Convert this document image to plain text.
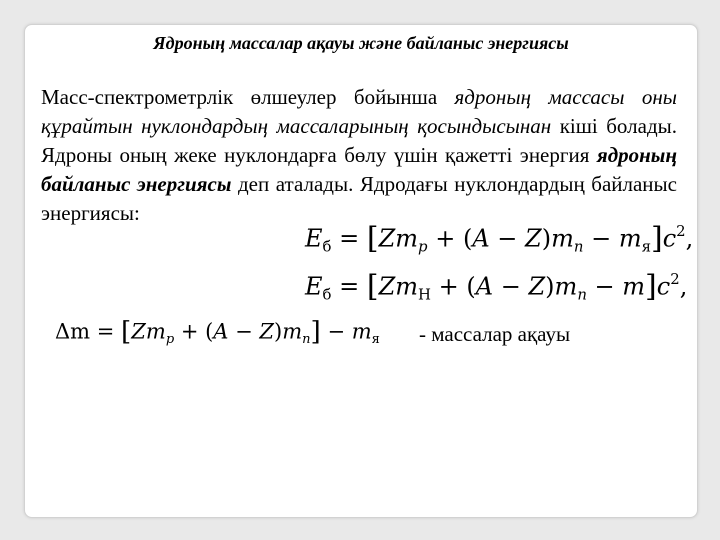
Ядроның массалар ақауы және байланыс энергиясы
Масс-спектрометрлік өлшеулер бойынша ядроның массасы оны құрайтын нуклондардың массаларының қосындысынан кіші болады. Ядроны оның жеке нуклондарға бөлу үшін қажетті энергия ядроның байланыс энергиясы деп аталады. Ядродағы нуклондардың байланыс энергиясы:
$E_б = [Zm_p + (A - Z)m_n - m_я]c^2$,
$E_б = [Zm_H + (A - Z)m_n - m]c^2$,
$\Delta m = [Zm_p + (A - Z)m_n] - m_я$ - массалар ақауы
